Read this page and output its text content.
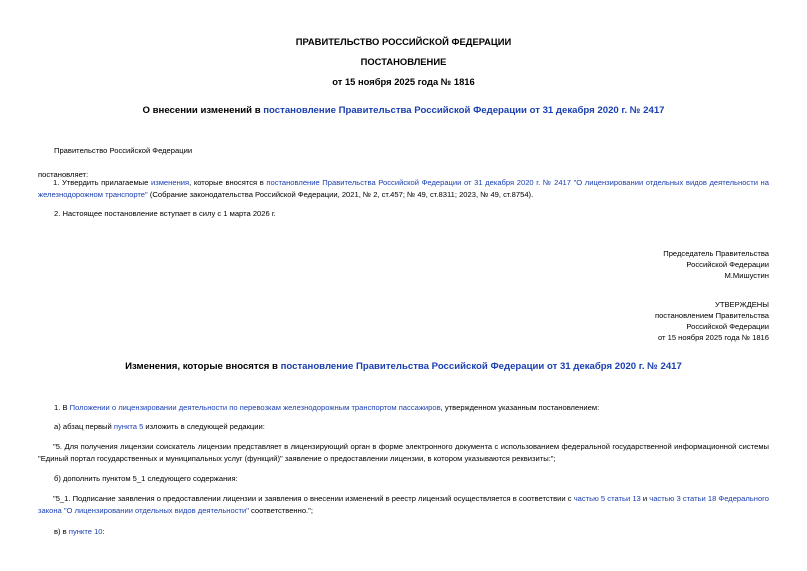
ПРАВИТЕЛЬСТВО РОССИЙСКОЙ ФЕДЕРАЦИИ
ПОСТАНОВЛЕНИЕ
от 15 ноября 2025 года № 1816
О внесении изменений в постановление Правительства Российской Федерации от 31 декабря 2020 г. № 2417
Правительство Российской Федерации
постановляет:
1. Утвердить прилагаемые изменения, которые вносятся в постановление Правительства Российской Федерации от 31 декабря 2020 г. № 2417 "О лицензировании отдельных видов деятельности на железнодорожном транспорте" (Собрание законодательства Российской Федерации, 2021, № 2, ст.457; № 49, ст.8311; 2023, № 49, ст.8754).
2. Настоящее постановление вступает в силу с 1 марта 2026 г.
Председатель Правительства
Российской Федерации
М.Мишустин
УТВЕРЖДЕНЫ
постановлением Правительства
Российской Федерации
от 15 ноября 2025 года № 1816
Изменения, которые вносятся в постановление Правительства Российской Федерации от 31 декабря 2020 г. № 2417
1. В Положении о лицензировании деятельности по перевозкам железнодорожным транспортом пассажиров, утвержденном указанным постановлением:
а) абзац первый пункта 5 изложить в следующей редакции:
"5. Для получения лицензии соискатель лицензии представляет в лицензирующий орган в форме электронного документа с использованием федеральной государственной информационной системы "Единый портал государственных и муниципальных услуг (функций)" заявление о предоставлении лицензии, в котором указываются реквизиты:";
б) дополнить пунктом 5_1 следующего содержания:
"5_1. Подписание заявления о предоставлении лицензии и заявления о внесении изменений в реестр лицензий осуществляется в соответствии с частью 5 статьи 13 и частью 3 статьи 18 Федерального закона "О лицензировании отдельных видов деятельности" соответственно.";
в) в пункте 10:
